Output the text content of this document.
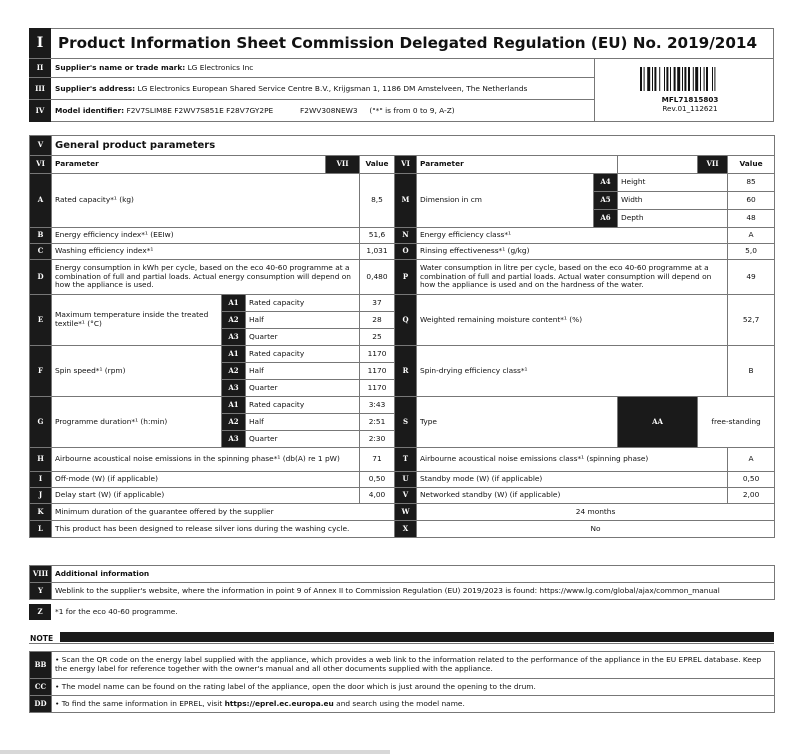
I Product Information Sheet Commission Delegated Regulation (EU) No. 2019/2014
II	Supplier's name or trade mark: LG Electronics Inc
III	Supplier's address: LG Electronics European Shared Service Centre B.V., Krijgsman 1, 1186 DM Amstelveen, The Netherlands
IV	Model identifier: F2V7SLIM8E F2WV7S851E F28V7GY2PE	F2WV308NEW3 ("*" is from 0 to 9, A-Z)
MFL71815803
Rev.01_112621
V	General product parameters										
VI	Parameter			VII	Value	VI	Parameter			VII	Value
A	Rated capacity*¹ (kg)				8,5	M	Dimension in cm	A4	Height		85
								A5	Width		60
								A6	Depth		48
B	Energy efficiency index*¹ (EEIw)				51,6	N	Energy efficiency class*¹				A
C	Washing efficiency index*¹				1,031	O	Rinsing effectiveness*¹ (g/kg)				5,0
D	Energy consumption in kWh per cycle, based on the eco 40-60 programme at a combination of full and partial loads. Actual energy consumption will depend on how the appliance is used.				0,480	P	Water consumption in litre per cycle, based on the eco 40-60 programme at a combination of full and partial loads. Actual water consumption will depend on how the appliance is used and on the hardness of the water.				49
E	Maximum temperature inside the treated textile*¹ (°C)	A1	Rated capacity		37	Q	Weighted remaining moisture content*¹ (%)				52,7
		A2	Half		28						
		A3	Quarter		25						
F	Spin speed*¹ (rpm)	A1	Rated capacity		1170	R	Spin-drying efficiency class*¹				B
		A2	Half		1170						
		A3	Quarter		1170						
G	Programme duration*¹ (h:min)	A1	Rated capacity		3:43	S	Type		AA	free-standing	
		A2	Half		2:51						
		A3	Quarter		2:30						
H	Airbourne acoustical noise emissions in the spinning phase*¹ (db(A) re 1 pW)				71	T	Airbourne acoustical noise emissions class*¹ (spinning phase)				A
I	Off-mode (W) (if applicable)				0,50	U	Standby mode (W) (if applicable)				0,50
J	Delay start (W) (if applicable)				4,00	V	Networked standby (W) (if applicable)				2,00
K	Minimum duration of the guarantee offered by the supplier					W	24 months				
L	This product has been designed to release silver ions during the washing cycle.					X	No				
VIII	Additional information
Y	Weblink to the supplier's website, where the information in point 9 of Annex II to Commission Regulation (EU) 2019/2023 is found: https://www.lg.com/global/ajax/common_manual
Z	*1 for the eco 40-60 programme.
NOTE
BB	• Scan the QR code on the energy label supplied with the appliance, which provides a web link to the information related to the performance of the appliance in the EU EPREL database. Keep the energy label for reference together with the owner's manual and all other documents supplied with the appliance.
CC	• The model name can be found on the rating label of the appliance, open the door which is just around the opening to the drum.
DD	• To find the same information in EPREL, visit https://eprel.ec.europa.eu and search using the model name.
